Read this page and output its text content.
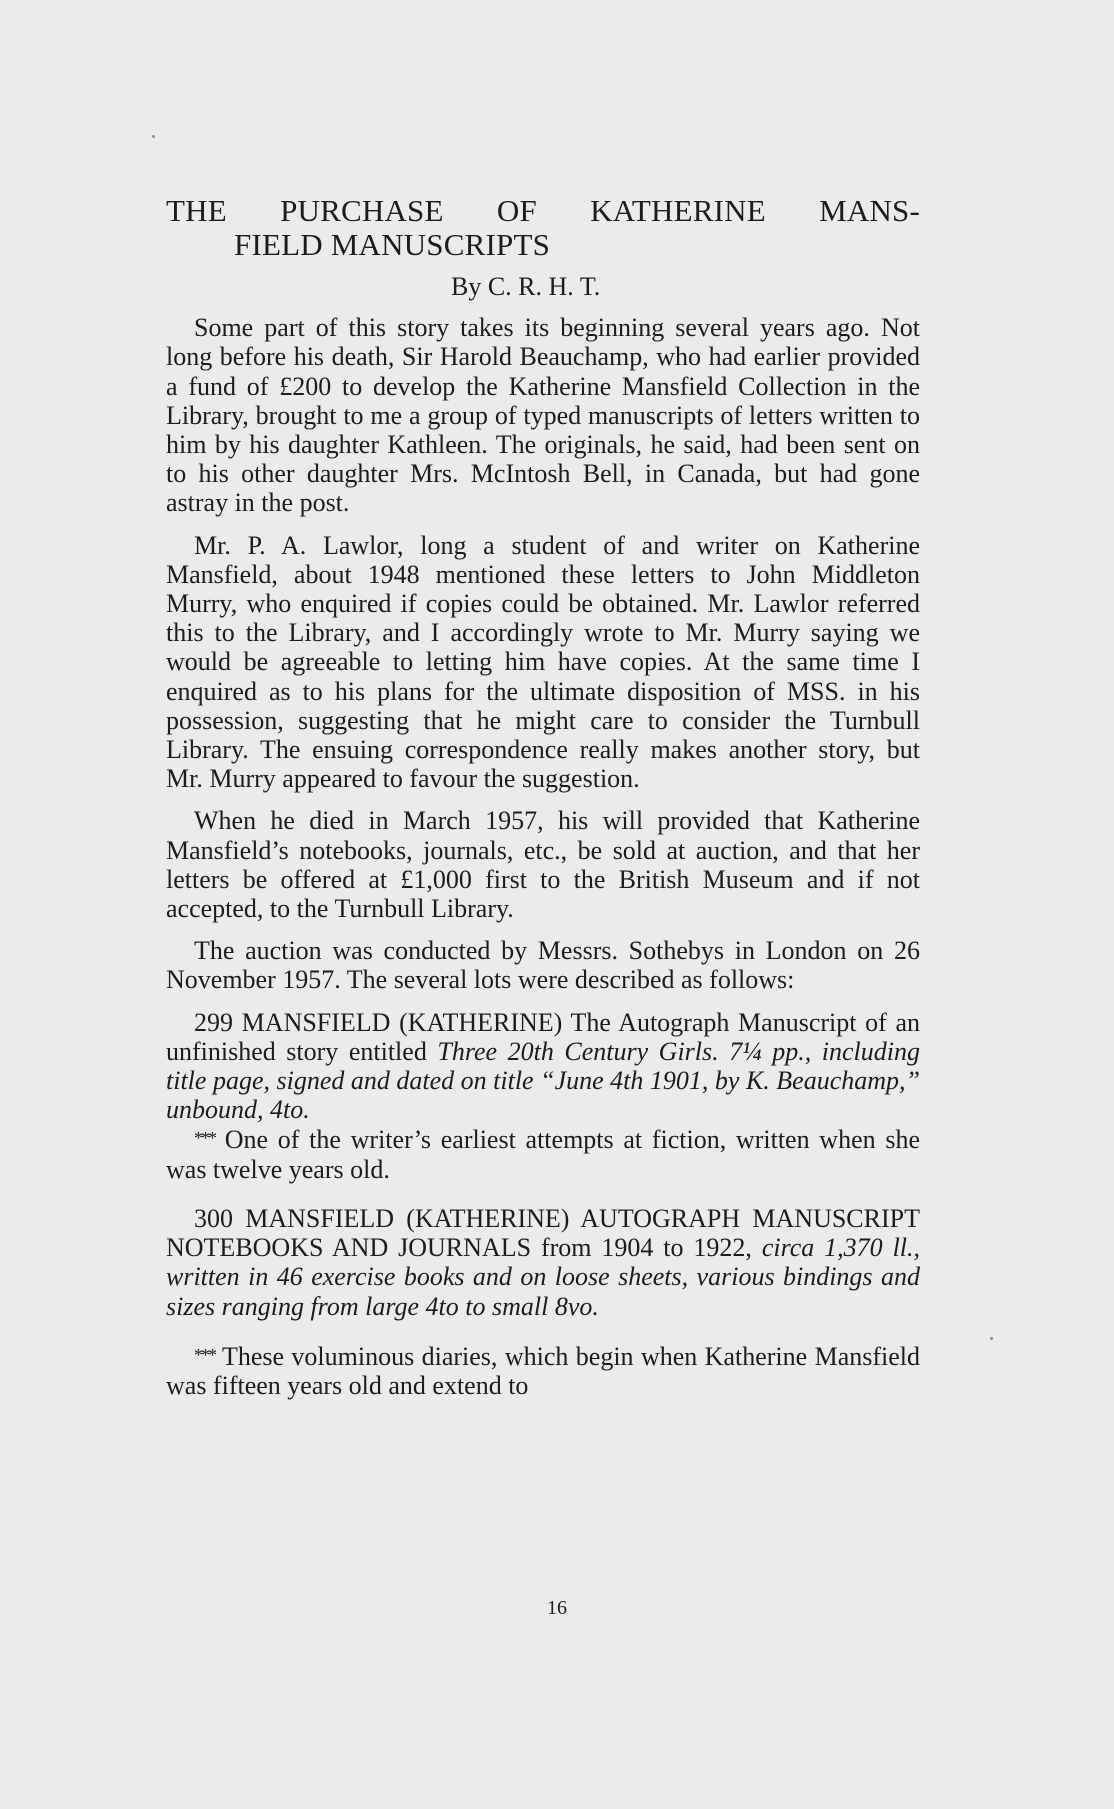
THE PURCHASE OF KATHERINE MANS-
FIELD MANUSCRIPTS
By C. R. H. T.

Some part of this story takes its beginning several years ago. Not long before his death, Sir Harold Beauchamp, who had earlier provided a fund of £200 to develop the Katherine Mansfield Collection in the Library, brought to me a group of typed manuscripts of letters written to him by his daughter Kathleen. The originals, he said, had been sent on to his other daughter Mrs. McIntosh Bell, in Canada, but had gone astray in the post.

Mr. P. A. Lawlor, long a student of and writer on Katherine Mansfield, about 1948 mentioned these letters to John Middleton Murry, who enquired if copies could be obtained. Mr. Lawlor referred this to the Library, and I accordingly wrote to Mr. Murry saying we would be agreeable to letting him have copies. At the same time I enquired as to his plans for the ultimate disposition of MSS. in his possession, suggesting that he might care to consider the Turnbull Library. The ensuing correspondence really makes another story, but Mr. Murry appeared to favour the suggestion.

When he died in March 1957, his will provided that Katherine Mansfield’s notebooks, journals, etc., be sold at auction, and that her letters be offered at £1,000 first to the British Museum and if not accepted, to the Turnbull Library.

The auction was conducted by Messrs. Sothebys in London on 26 November 1957. The several lots were described as follows:

299 MANSFIELD (KATHERINE) The Autograph Manuscript of an unfinished story entitled Three 20th Century Girls. 7¼ pp., including title page, signed and dated on title “June 4th 1901, by K. Beauchamp,” unbound, 4to.

*** One of the writer’s earliest attempts at fiction, written when she was twelve years old.

300 MANSFIELD (KATHERINE) AUTOGRAPH MANUSCRIPT NOTEBOOKS AND JOURNALS from 1904 to 1922, circa 1,370 ll., written in 46 exercise books and on loose sheets, various bindings and sizes ranging from large 4to to small 8vo.

*** These voluminous diaries, which begin when Katherine Mansfield was fifteen years old and extend to

16
